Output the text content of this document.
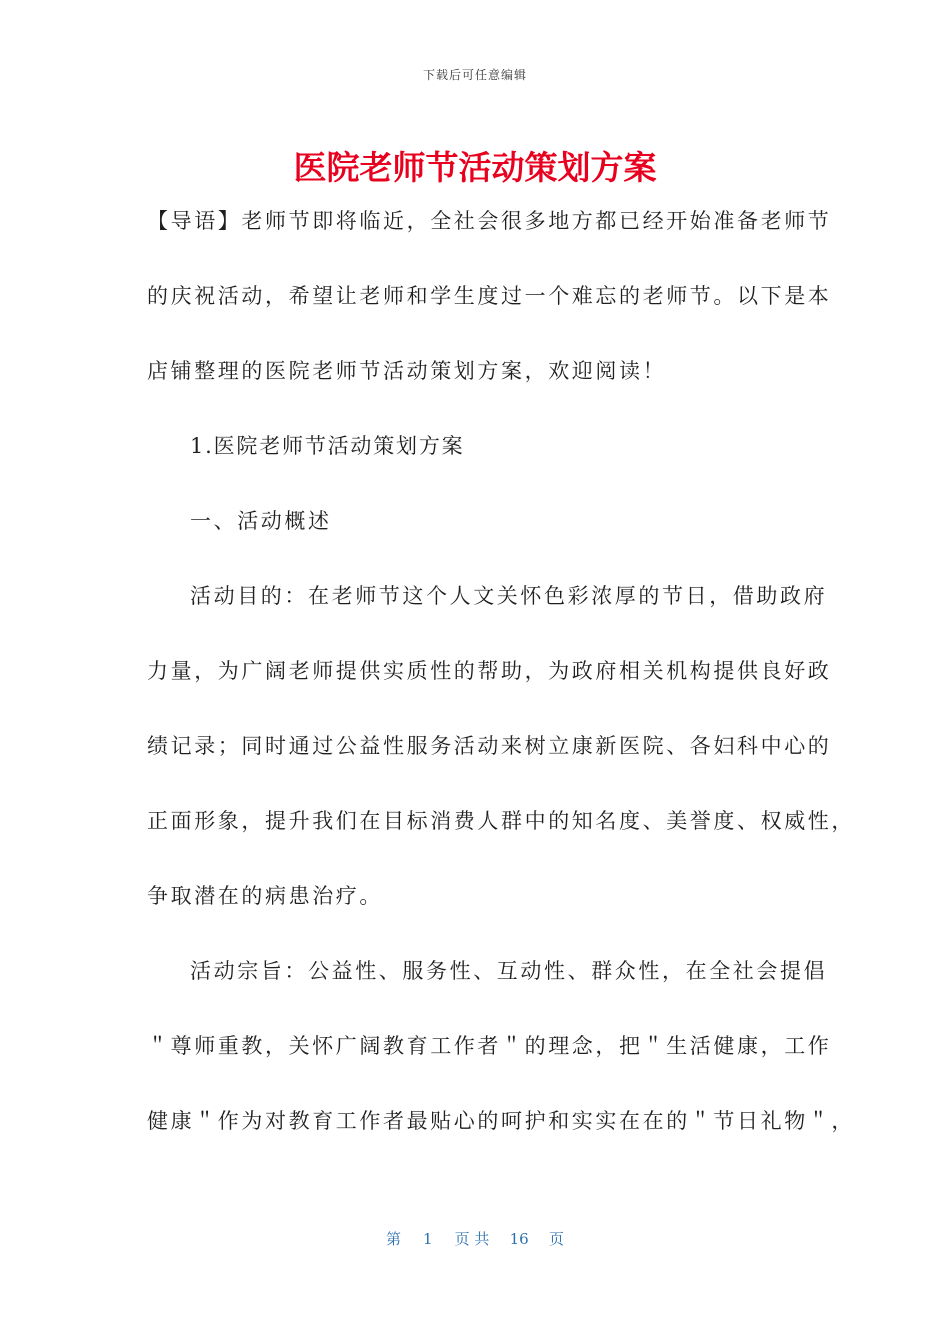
下载后可任意编辑
医院老师节活动策划方案
【导语】老师节即将临近，全社会很多地方都已经开始准备老师节
的庆祝活动，希望让老师和学生度过一个难忘的老师节。以下是本
店铺整理的医院老师节活动策划方案，欢迎阅读！
1.医院老师节活动策划方案
一、活动概述
活动目的：在老师节这个人文关怀色彩浓厚的节日，借助政府
力量，为广阔老师提供实质性的帮助，为政府相关机构提供良好政
绩记录；同时通过公益性服务活动来树立康新医院、各妇科中心的
正面形象，提升我们在目标消费人群中的知名度、美誉度、权威性，
争取潜在的病患治疗。
活动宗旨：公益性、服务性、互动性、群众性，在全社会提倡
＂尊师重教，关怀广阔教育工作者＂的理念，把＂生活健康，工作
健康＂作为对教育工作者最贴心的呵护和实实在在的＂节日礼物＂，
第 1 页 共 16 页
